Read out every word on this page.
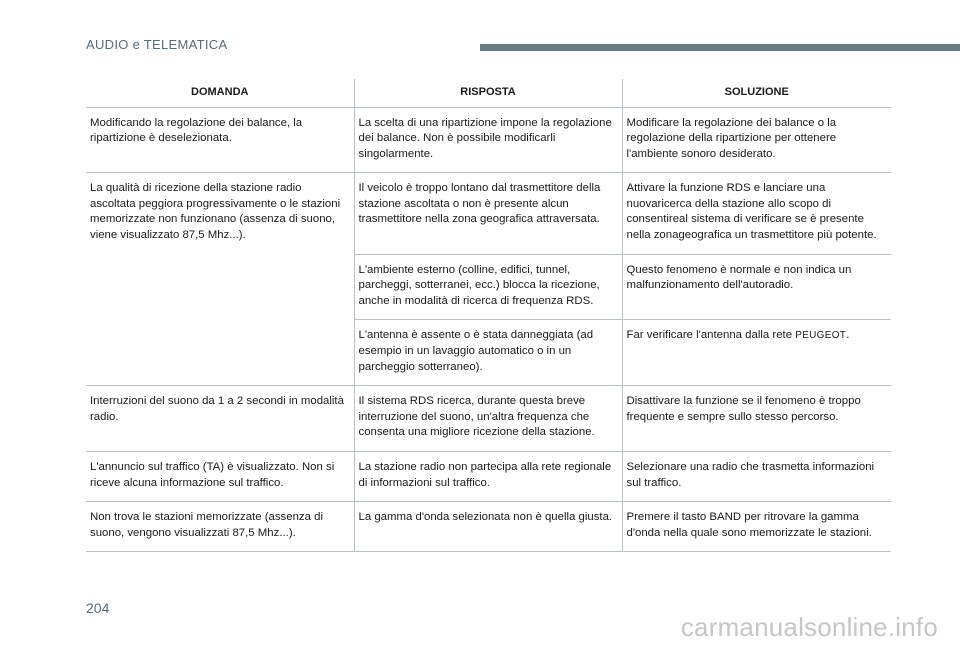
AUDIO e TELEMATICA
DOMANDA	RISPOSTA	SOLUZIONE
Modificando la regolazione dei balance, la ripartizione è deselezionata.	La scelta di una ripartizione impone la regolazione dei balance. Non è possibile modificarli singolarmente.	Modificare la regolazione dei balance o la regolazione della ripartizione per ottenere l'ambiente sonoro desiderato.
La qualità di ricezione della stazione radio ascoltata peggiora progressivamente o le stazioni memorizzate non funzionano (assenza di suono, viene visualizzato 87,5 Mhz...).	Il veicolo è troppo lontano dal trasmettitore della stazione ascoltata o non è presente alcun trasmettitore nella zona geografica attraversata.	Attivare la funzione RDS e lanciare una nuovaricerca della stazione allo scopo di consentireal sistema di verificare se è presente nella zonageografica un trasmettitore più potente.
	L'ambiente esterno (colline, edifici, tunnel, parcheggi, sotterranei, ecc.) blocca la ricezione, anche in modalità di ricerca di frequenza RDS.	Questo fenomeno è normale e non indica un malfunzionamento dell'autoradio.
	L'antenna è assente o è stata danneggiata (ad esempio in un lavaggio automatico o in un parcheggio sotterraneo).	Far verificare l'antenna dalla rete PEUGEOT.
Interruzioni del suono da 1 a 2 secondi in modalità radio.	Il sistema RDS ricerca, durante questa breve interruzione del suono, un'altra frequenza che consenta una migliore ricezione della stazione.	Disattivare la funzione se il fenomeno è troppo frequente e sempre sullo stesso percorso.
L'annuncio sul traffico (TA) è visualizzato. Non si riceve alcuna informazione sul traffico.	La stazione radio non partecipa alla rete regionale di informazioni sul traffico.	Selezionare una radio che trasmetta informazioni sul traffico.
Non trova le stazioni memorizzate (assenza di suono, vengono visualizzati 87,5 Mhz...).	La gamma d'onda selezionata non è quella giusta.	Premere il tasto BAND per ritrovare la gamma d'onda nella quale sono memorizzate le stazioni.
204
carmanualsonline.info
